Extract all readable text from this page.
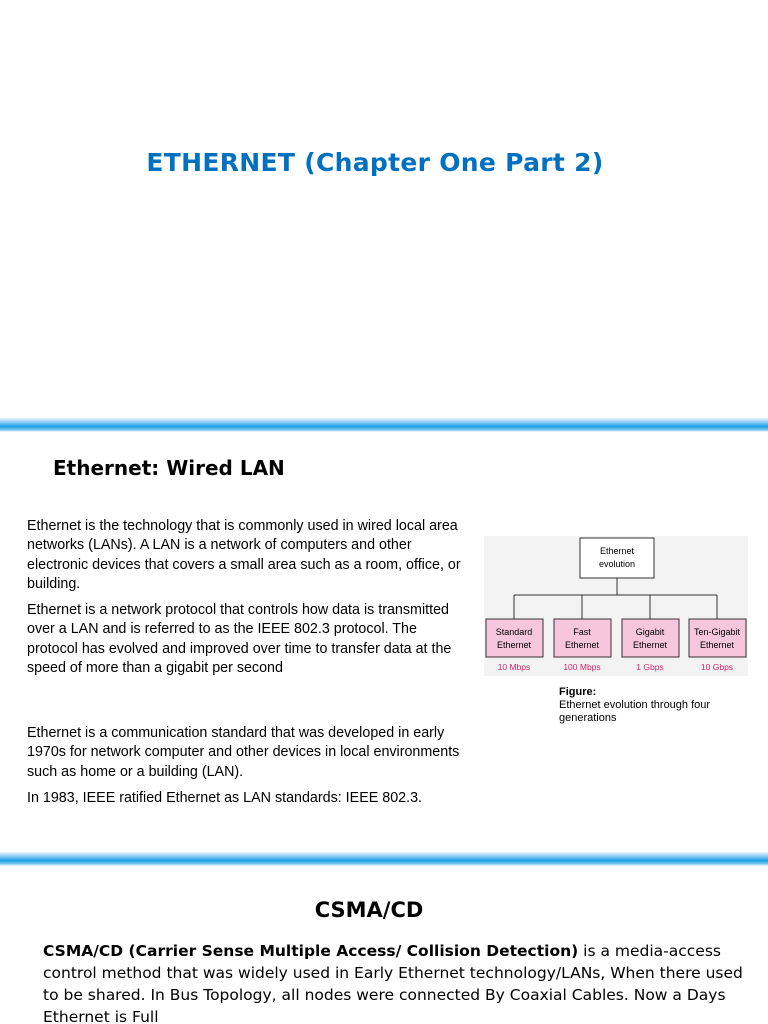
ETHERNET (Chapter One Part 2)
Ethernet: Wired LAN

Ethernet is the technology that is commonly used in wired local area networks (LANs). A LAN is a network of computers and other electronic devices that covers a small area such as a room, office, or building.

Ethernet is a network protocol that controls how data is transmitted over a LAN and is referred to as the IEEE 802.3 protocol. The protocol has evolved and improved over time to transfer data at the speed of more than a gigabit per second

Ethernet is a communication standard that was developed in early 1970s for network computer and other devices in local environments such as home or a building (LAN).

In 1983, IEEE ratified Ethernet as LAN standards: IEEE 802.3.

Ethernet
evolution
Standard
Ethernet
10 Mbps
Fast
Ethernet
100 Mbps
Gigabit
Ethernet
1 Gbps
Ten-Gigabit
Ethernet
10 Gbps
Figure:
Ethernet evolution through four generations
CSMA/CD
CSMA/CD (Carrier Sense Multiple Access/ Collision Detection) is a media-access control method that was widely used in Early Ethernet technology/LANs, When there used to be shared. In Bus Topology, all nodes were connected By Coaxial Cables. Now a Days Ethernet is Full
